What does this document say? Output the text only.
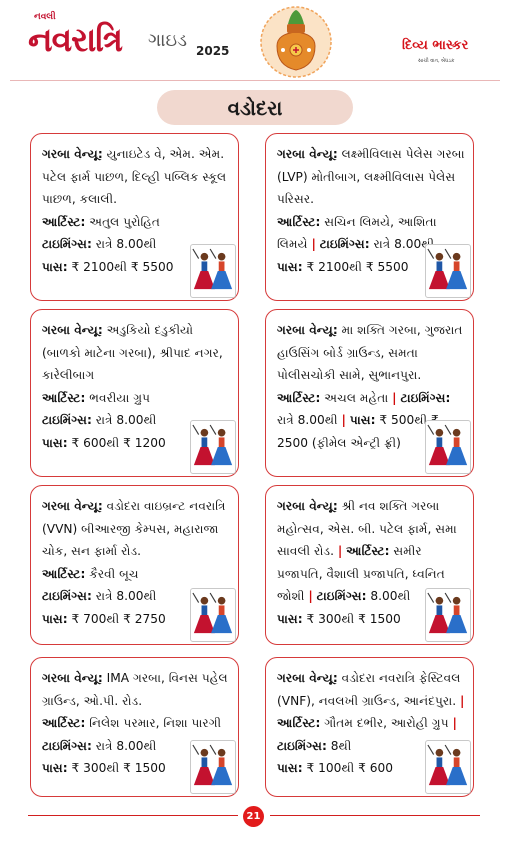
નવલી
નવરાત્રિ ગાઇડ 2025	દિવ્ય ભાસ્કર
સાચી વાત, બેધડક
વડોદરા
ગરબા વેન્યૂ: યુનાઇટેડ વે, એમ. એમ. પટેલ ફાર્મ પાછળ, દિલ્હી પબ્લિક સ્કૂલ પાછળ, કલાલી.
આર્ટિસ્ટ: અતુલ પુરોહિત
ટાઇમિંગ્સ: રાત્રે 8.00થી
પાસ: ₹ 2100થી ₹ 5500
ગરબા વેન્યૂ: લક્ષ્મીવિલાસ પેલેસ ગરબા (LVP) મોતીબાગ, લક્ષ્મીવિલાસ પેલેસ પરિસર.
આર્ટિસ્ટ: સચિન લિમયે, આશિતા લિમયે | ટાઇમિંગ્સ: રાત્રે 8.00થી
પાસ: ₹ 2100થી ₹ 5500
ગરબા વેન્યૂ: અડુકિયો દડુકીયો (બાળકો માટેના ગરબા), શ્રીપાદ નગર, કારેલીબાગ
આર્ટિસ્ટ: ભવરીયા ગ્રુપ
ટાઇમિંગ્સ: રાત્રે 8.00થી
પાસ: ₹ 600થી ₹ 1200
ગરબા વેન્યૂ: મા શક્તિ ગરબા, ગુજરાત હાઉસિંગ બોર્ડ ગ્રાઉન્ડ, સમતા પોલીસચોકી સામે, સુભાનપુરા.
આર્ટિસ્ટ: અચલ મહેતા | ટાઇમિંગ્સ: રાત્રે 8.00થી | પાસ: ₹ 500થી ₹ 2500 (ફીમેલ એન્ટ્રી ફ્રી)
ગરબા વેન્યૂ: વડોદરા વાઇબ્રન્ટ નવરાત્રિ (VVN) બીઆરજી કેમ્પસ, મહારાજા ચોક, સન ફાર્મા રોડ.
આર્ટિસ્ટ: કૈરવી બૂચ
ટાઇમિંગ્સ: રાત્રે 8.00થી
પાસ: ₹ 700થી ₹ 2750
ગરબા વેન્યૂ: શ્રી નવ શક્તિ ગરબા મહોત્સવ, એસ. બી. પટેલ ફાર્મ, સમા સાવલી રોડ. | આર્ટિસ્ટ: સમીર પ્રજાપતિ, વૈશાલી પ્રજાપતિ, ધ્વનિત જોશી | ટાઇમિંગ્સ: 8.00થી
પાસ: ₹ 300થી ₹ 1500
ગરબા વેન્યૂ: IMA ગરબા, વિનસ પહેલ ગ્રાઉન્ડ, ઓ.પી. રોડ.
આર્ટિસ્ટ: નિલેશ પરમાર, નિશા પારગી
ટાઇમિંગ્સ: રાત્રે 8.00થી
પાસ: ₹ 300થી ₹ 1500
ગરબા વેન્યૂ: વડોદરા નવરાત્રિ ફેસ્ટિવલ (VNF), નવલખી ગ્રાઉન્ડ, આનંદપુરા. | આર્ટિસ્ટ: ગૌતમ દભીર, આરોહી ગ્રુપ | ટાઇમિંગ્સ: 8થી
પાસ: ₹ 100થી ₹ 600
21
